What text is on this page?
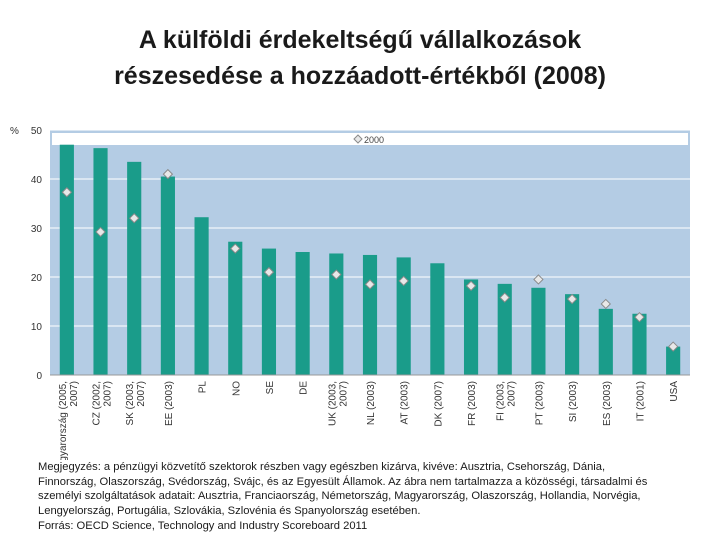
A külföldi érdekeltségű vállalkozások
részesedése a hozzáadott-értékből (2008)
0
10
20
30
40
50
%
2000
Magyarország (2005,2007) CZ (2002,2007) SK (2003,2007) EE (2003) PL NO SE DE UK (2003,2007) NL (2003) AT (2003) DK (2007) FR (2003) FI (2003,2007) PT (2003) SI (2003) ES (2003) IT (2001) USA
Megjegyzés: a pénzügyi közvetítő szektorok részben vagy egészben kizárva, kivéve: Ausztria, Csehország, Dánia,
Finnország, Olaszország, Svédország, Svájc, és az Egyesült Államok. Az ábra nem tartalmazza a közösségi, társadalmi és
személyi szolgáltatások adatait: Ausztria, Franciaország, Németország, Magyarország, Olaszország, Hollandia, Norvégia,
Lengyelország, Portugália, Szlovákia, Szlovénia és Spanyolország esetében.
Forrás: OECD Science, Technology and Industry Scoreboard 2011
